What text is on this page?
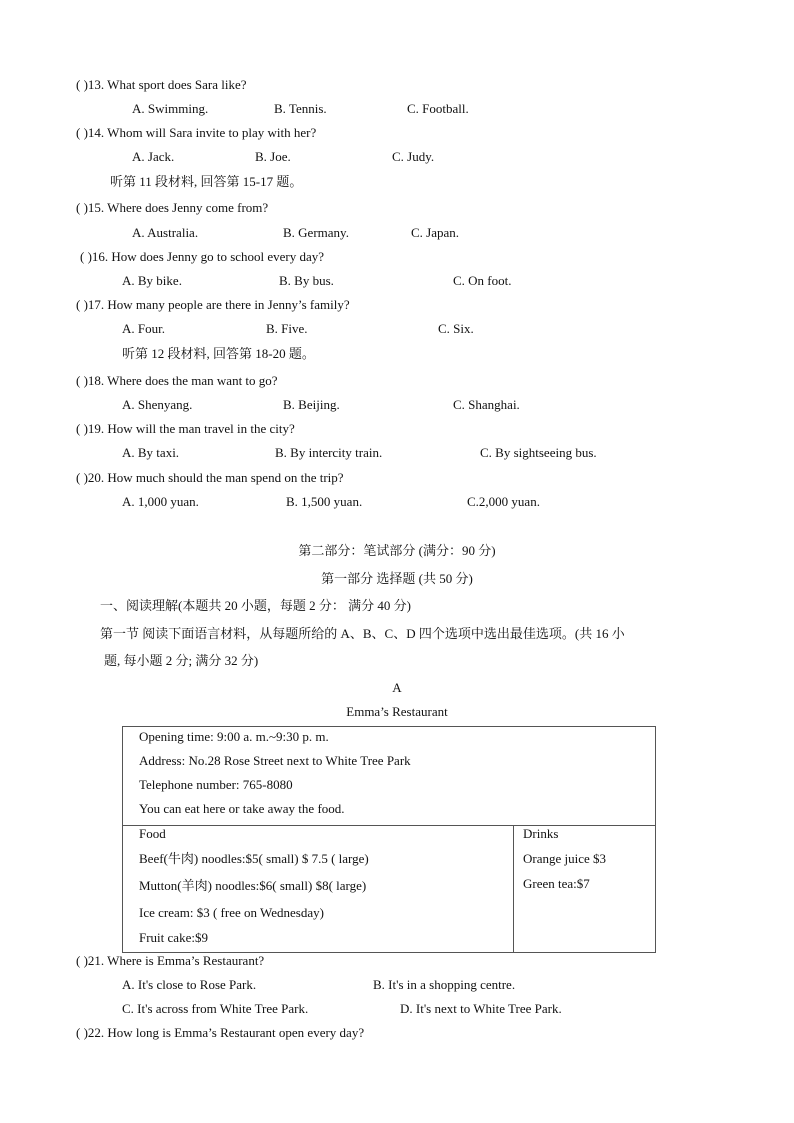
( )13. What sport does Sara like?
A. Swimming.	B. Tennis.	C. Football.
( )14. Whom will Sara invite to play with her?
A. Jack.	B. Joe.	C. Judy.
听第 11 段材料, 回答第 15-17 题。
( )15. Where does Jenny come from?
A. Australia.	B. Germany.	C. Japan.
( )16. How does Jenny go to school every day?
A. By bike.	B. By bus.	C. On foot.
( )17. How many people are there in Jenny’s family?
A. Four.	B. Five.	C. Six.
听第 12 段材料, 回答第 18-20 题。
( )18. Where does the man want to go?
A. Shenyang.	B. Beijing.	C. Shanghai.
( )19. How will the man travel in the city?
A. By taxi.	B. By intercity train.	C. By sightseeing bus.
( )20. How much should the man spend on the trip?
A. 1,000 yuan.	B. 1,500 yuan.	C.2,000 yuan.
第二部分：笔试部分 (满分：90 分)
第一部分 选择题 (共 50 分)
一、阅读理解(本题共 20 小题，每题 2 分： 满分 40 分)
第一节 阅读下面语言材料，从每题所给的 A、B、C、D 四个选项中选出最佳选项。(共 16 小
题, 每小题 2 分; 满分 32 分)
A
Emma’s Restaurant
Opening time: 9:00 a. m.~9:30 p. m.
Address: No.28 Rose Street next to White Tree Park
Telephone number: 765-8080
You can eat here or take away the food.

Food
Beef(牛肉) noodles:$5( small) $ 7.5 ( large)
Mutton(羊肉) noodles:$6( small) $8( large)
Ice cream: $3 ( free on Wednesday)
Fruit cake:$9

Drinks
Orange juice $3
Green tea:$7
( )21. Where is Emma’s Restaurant?
A. It's close to Rose Park.	B. It's in a shopping centre.
C. It's across from White Tree Park.	D. It's next to White Tree Park.
( )22. How long is Emma’s Restaurant open every day?
